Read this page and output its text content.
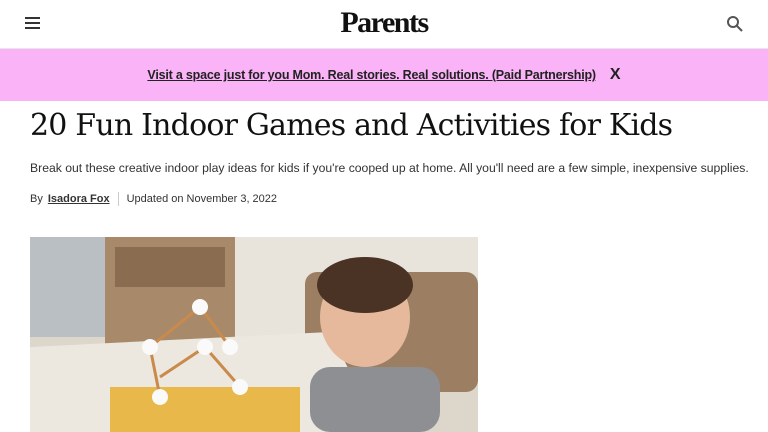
Parents
Visit a space just for you Mom. Real stories. Real solutions. (Paid Partnership) X
20 Fun Indoor Games and Activities for Kids

Break out these creative indoor play ideas for kids if you're cooped up at home. All you'll need are a few simple, inexpensive supplies.

By Isadora Fox Updated on November 3, 2022
